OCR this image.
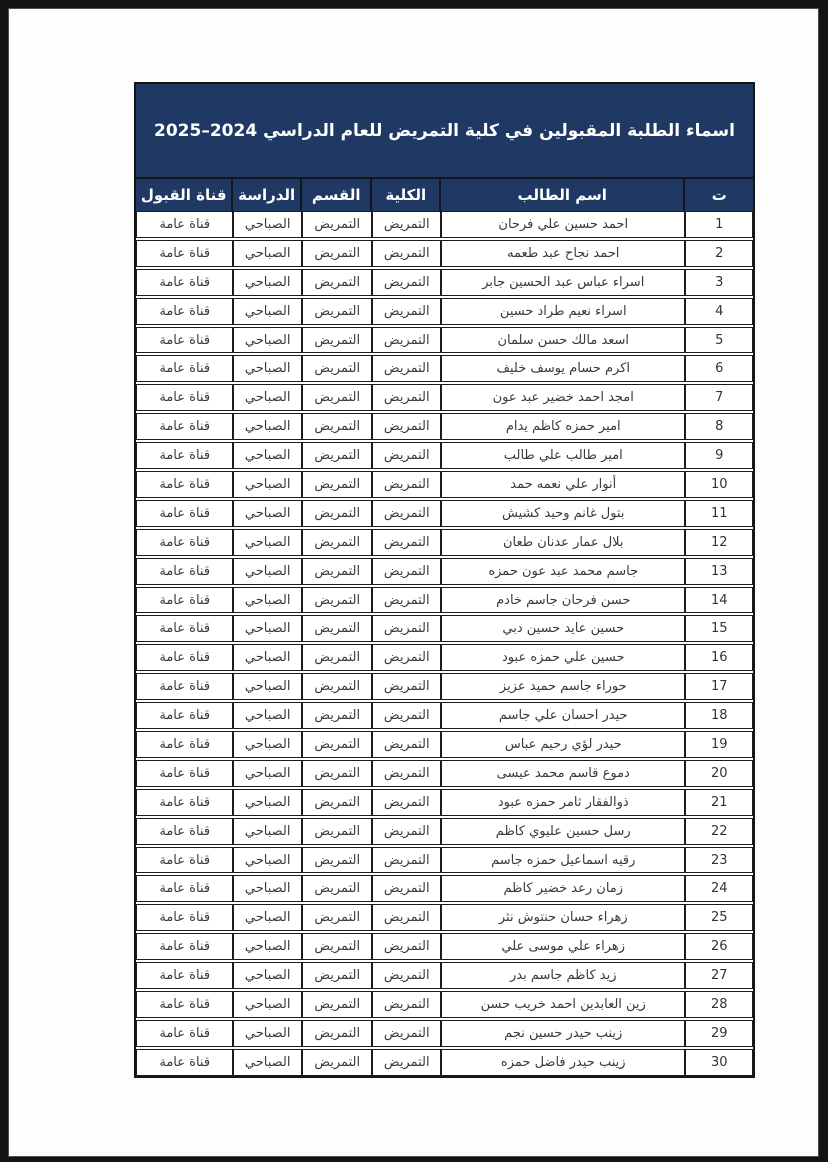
اسماء الطلبة المقبولين في كلية التمريض للعام الدراسي 2024–2025
ت
اسم الطالب
الكلية
القسم
الدراسة
قناة القبول
1
احمد حسين علي فرحان
التمريض
التمريض
الصباحي
قناة عامة
2
احمد نجاح عبد طعمه
التمريض
التمريض
الصباحي
قناة عامة
3
اسراء عباس عبد الحسين جابر
التمريض
التمريض
الصباحي
قناة عامة
4
اسراء نعيم طراد حسين
التمريض
التمريض
الصباحي
قناة عامة
5
اسعد مالك حسن سلمان
التمريض
التمريض
الصباحي
قناة عامة
6
اكرم حسام يوسف خليف
التمريض
التمريض
الصباحي
قناة عامة
7
امجد احمد خضير عبد عون
التمريض
التمريض
الصباحي
قناة عامة
8
امير حمزه كاظم يدام
التمريض
التمريض
الصباحي
قناة عامة
9
امير طالب علي طالب
التمريض
التمريض
الصباحي
قناة عامة
10
أنوار علي نعمه حمد
التمريض
التمريض
الصباحي
قناة عامة
11
بتول غانم وحيد كشيش
التمريض
التمريض
الصباحي
قناة عامة
12
بلال عمار عدنان طعان
التمريض
التمريض
الصباحي
قناة عامة
13
جاسم محمد عبد عون حمزه
التمريض
التمريض
الصباحي
قناة عامة
14
حسن فرحان جاسم خادم
التمريض
التمريض
الصباحي
قناة عامة
15
حسين عايد حسين دبي
التمريض
التمريض
الصباحي
قناة عامة
16
حسين علي حمزه عبود
التمريض
التمريض
الصباحي
قناة عامة
17
حوراء جاسم حميد عزيز
التمريض
التمريض
الصباحي
قناة عامة
18
حيدر احسان علي جاسم
التمريض
التمريض
الصباحي
قناة عامة
19
حيدر لؤي رحيم عباس
التمريض
التمريض
الصباحي
قناة عامة
20
دموع قاسم محمد عيسى
التمريض
التمريض
الصباحي
قناة عامة
21
ذوالفقار ثامر حمزه عبود
التمريض
التمريض
الصباحي
قناة عامة
22
رسل حسين عليوي كاظم
التمريض
التمريض
الصباحي
قناة عامة
23
رقيه اسماعيل حمزه جاسم
التمريض
التمريض
الصباحي
قناة عامة
24
زمان رعد خضير كاظم
التمريض
التمريض
الصباحي
قناة عامة
25
زهراء حسان حنتوش نثر
التمريض
التمريض
الصباحي
قناة عامة
26
زهراء علي موسى علي
التمريض
التمريض
الصباحي
قناة عامة
27
زيد كاظم جاسم بدر
التمريض
التمريض
الصباحي
قناة عامة
28
زين العابدين احمد خريب حسن
التمريض
التمريض
الصباحي
قناة عامة
29
زينب حيدر حسين نجم
التمريض
التمريض
الصباحي
قناة عامة
30
زينب حيدر فاضل حمزه
التمريض
التمريض
الصباحي
قناة عامة
